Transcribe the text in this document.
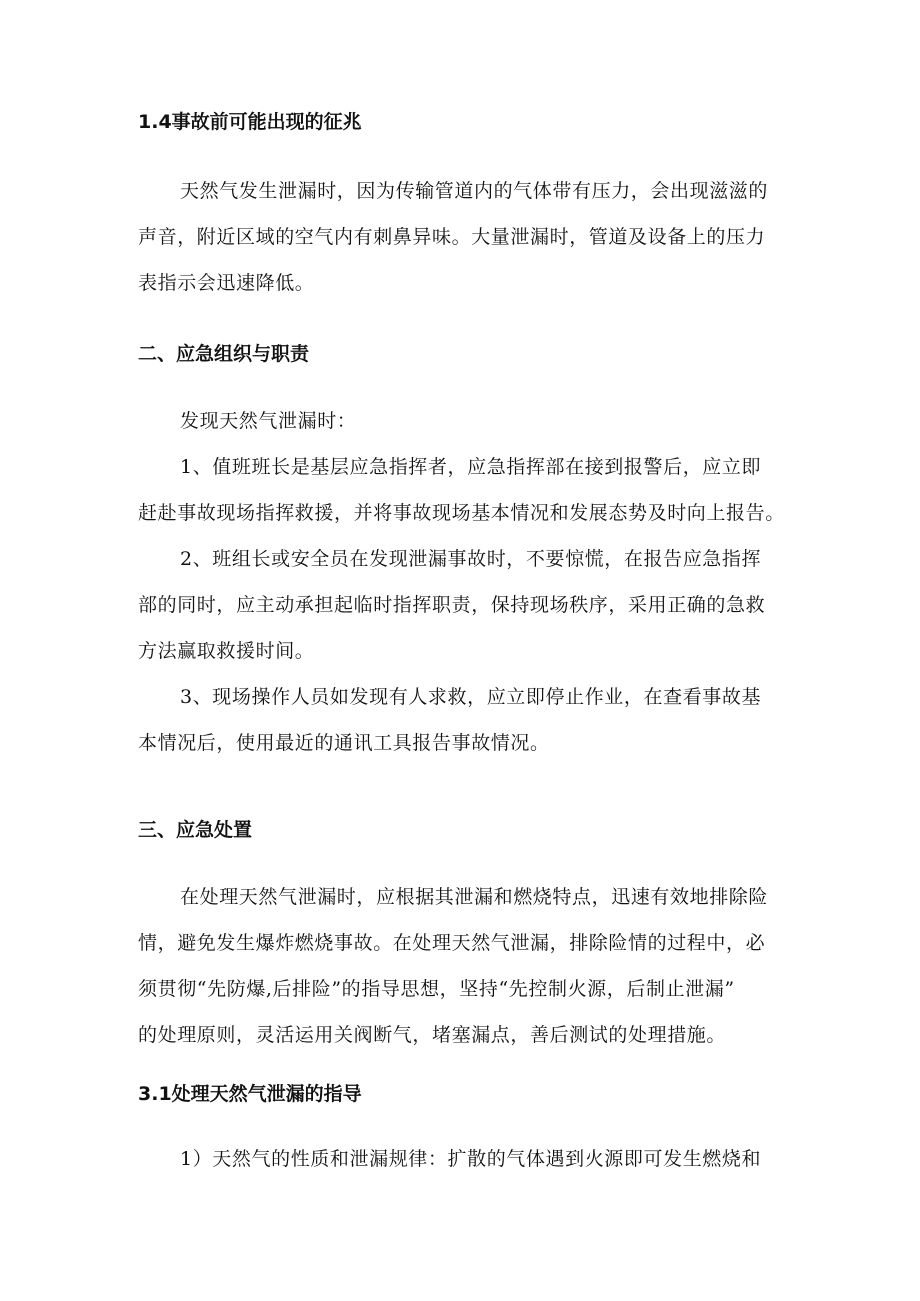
1.4事故前可能出现的征兆
天然气发生泄漏时，因为传输管道内的气体带有压力，会出现滋滋的
声音，附近区域的空气内有刺鼻异味。大量泄漏时，管道及设备上的压力
表指示会迅速降低。
二、应急组织与职责
发现天然气泄漏时：
1、值班班长是基层应急指挥者，应急指挥部在接到报警后，应立即
赶赴事故现场指挥救援，并将事故现场基本情况和发展态势及时向上报告。
2、班组长或安全员在发现泄漏事故时，不要惊慌，在报告应急指挥
部的同时，应主动承担起临时指挥职责，保持现场秩序，采用正确的急救
方法赢取救援时间。
3、现场操作人员如发现有人求救，应立即停止作业，在查看事故基
本情况后，使用最近的通讯工具报告事故情况。
三、应急处置
在处理天然气泄漏时，应根据其泄漏和燃烧特点，迅速有效地排除险
情，避免发生爆炸燃烧事故。在处理天然气泄漏，排除险情的过程中，必
须贯彻“先防爆,后排险”的指导思想，坚持“先控制火源，后制止泄漏”
的处理原则，灵活运用关阀断气，堵塞漏点，善后测试的处理措施。
3.1处理天然气泄漏的指导
1）天然气的性质和泄漏规律：扩散的气体遇到火源即可发生燃烧和
